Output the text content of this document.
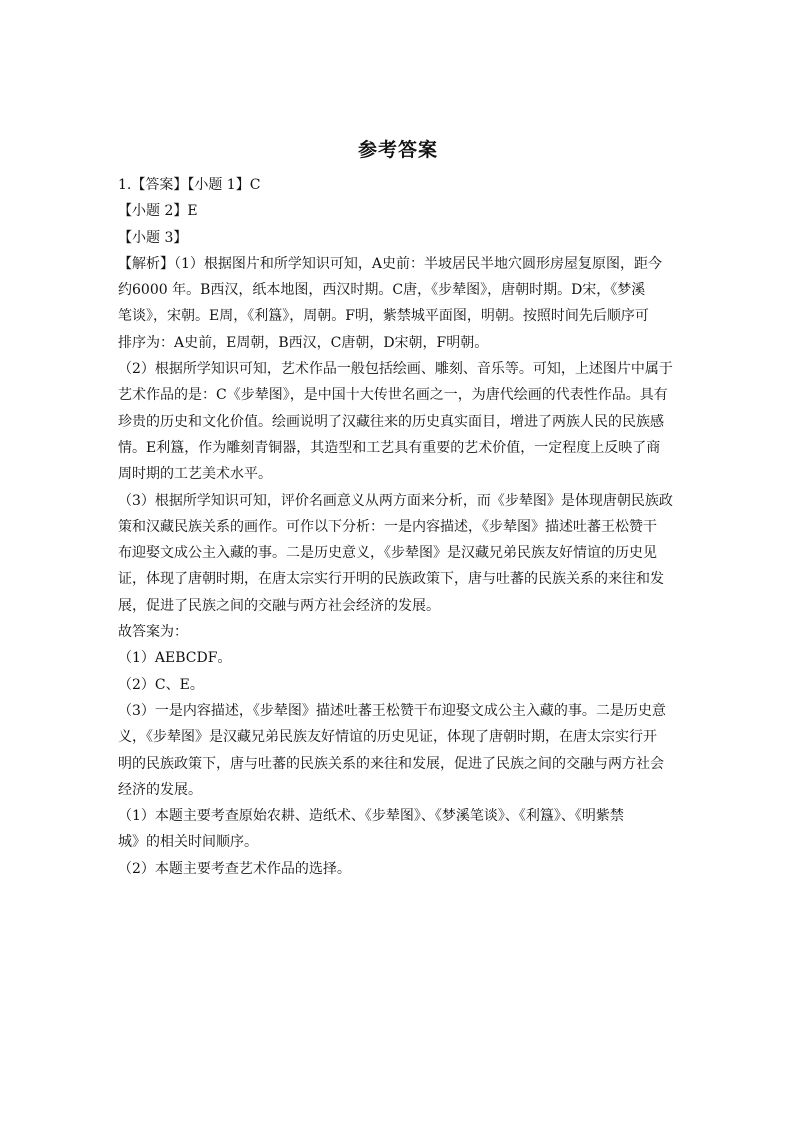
参考答案

1.【答案】【小题 1】C

【小题 2】E

【小题 3】

【解析】（1）根据图片和所学知识可知，A史前：半坡居民半地穴圆形房屋复原图，距今

约6000 年。B西汉，纸本地图，西汉时期。C唐，《步辇图》，唐朝时期。D宋，《梦溪

笔谈》，宋朝。E周，《利簋》，周朝。F明，紫禁城平面图，明朝。按照时间先后顺序可

排序为：A史前，E周朝，B西汉，C唐朝，D宋朝，F明朝。

（2）根据所学知识可知，艺术作品一般包括绘画、雕刻、音乐等。可知，上述图片中属于

艺术作品的是：C《步辇图》，是中国十大传世名画之一，为唐代绘画的代表性作品。具有

珍贵的历史和文化价值。绘画说明了汉藏往来的历史真实面目，增进了两族人民的民族感

情。E利簋，作为雕刻青铜器，其造型和工艺具有重要的艺术价值，一定程度上反映了商

周时期的工艺美术水平。

（3）根据所学知识可知，评价名画意义从两方面来分析，而《步辇图》是体现唐朝民族政

策和汉藏民族关系的画作。可作以下分析：一是内容描述，《步辇图》描述吐蕃王松赞干

布迎娶文成公主入藏的事。二是历史意义，《步辇图》是汉藏兄弟民族友好情谊的历史见

证，体现了唐朝时期，在唐太宗实行开明的民族政策下，唐与吐蕃的民族关系的来往和发

展，促进了民族之间的交融与两方社会经济的发展。

故答案为：

（1）AEBCDF。

（2）C、E。

（3）一是内容描述，《步辇图》描述吐蕃王松赞干布迎娶文成公主入藏的事。二是历史意

义，《步辇图》是汉藏兄弟民族友好情谊的历史见证，体现了唐朝时期，在唐太宗实行开

明的民族政策下，唐与吐蕃的民族关系的来往和发展，促进了民族之间的交融与两方社会

经济的发展。

（1）本题主要考查原始农耕、造纸术、《步辇图》、《梦溪笔谈》、《利簋》、《明紫禁

城》的相关时间顺序。

（2）本题主要考查艺术作品的选择。
